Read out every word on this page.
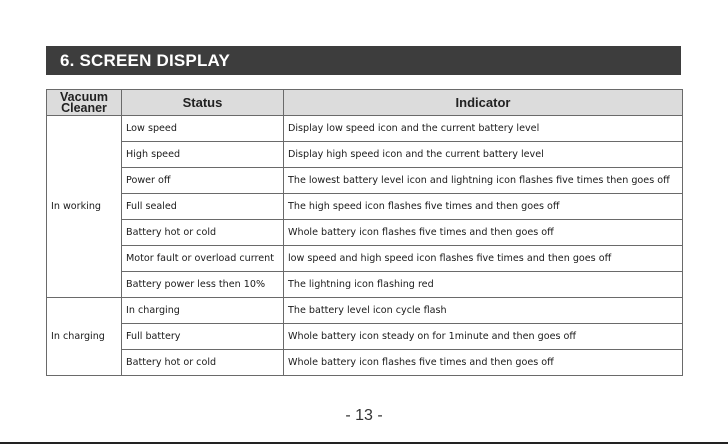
6. SCREEN DISPLAY
Vacuum
Cleaner	Status	Indicator
In working	Low speed	Display low speed icon and the current battery level
	High speed	Display high speed icon and the current battery level
	Power off	The lowest battery level icon and lightning icon flashes five times then goes off
	Full sealed	The high speed icon flashes five times and then goes off
	Battery hot or cold	Whole battery icon flashes five times and then goes off
	Motor fault or overload current	low speed and high speed icon flashes five times and then goes off
	Battery power less then 10%	The lightning icon flashing red
In charging	In charging	The battery level icon cycle flash
	Full battery	Whole battery icon steady on for 1minute and then goes off
	Battery hot or cold	Whole battery icon flashes five times and then goes off
- 13 -
